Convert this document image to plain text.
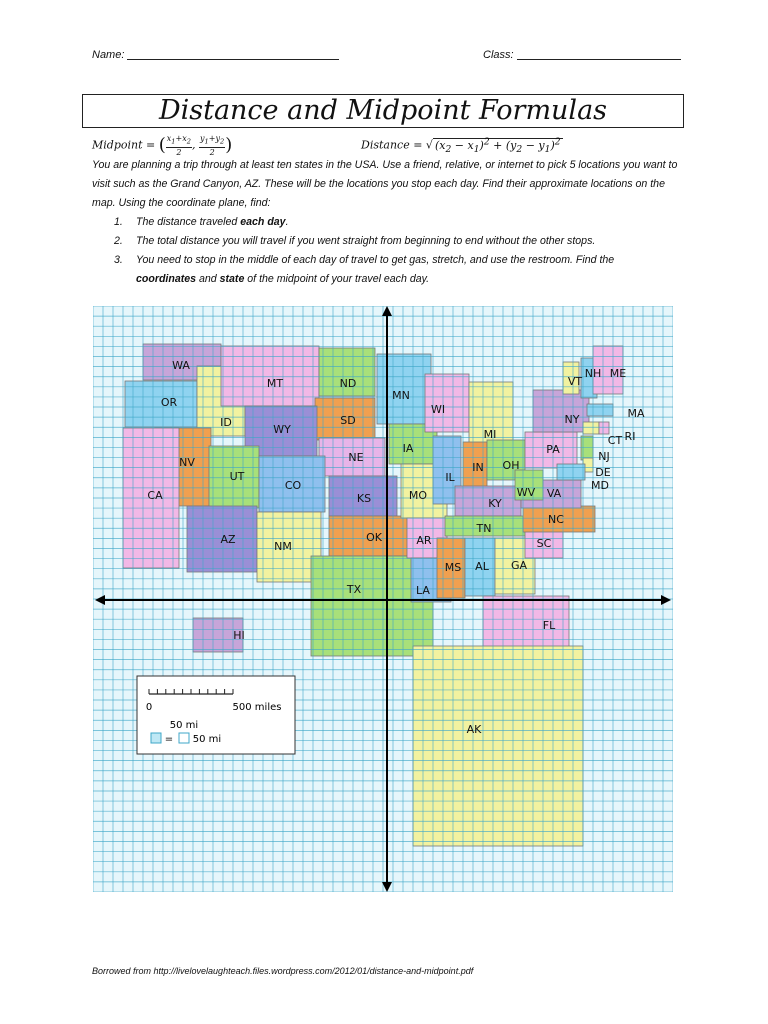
Name:	Class:
Distance and Midpoint Formulas
Midpoint = ( $\frac{x_1+x_2}{2}$ , $\frac{y_1+y_2}{2}$ )	Distance = √ $(x_2 - x_1)^2 + (y_2 - y_1)^2$
You are planning a trip through at least ten states in the USA. Use a friend, relative, or internet to pick 5 locations you want to visit such as the Grand Canyon, AZ. These will be the locations you stop each day. Find their approximate locations on the map. Using the coordinate plane, find:
1. The distance traveled each day.
2. The total distance you will travel if you went straight from beginning to end without the other stops.
3. You need to stop in the middle of each day of travel to get gas, stretch, and use the restroom. Find the
coordinates and state of the midpoint of your travel each day.
WA
OR
ID
MT	ND
SD
WY
NE
NV
UT
CO
KS
CA
AZ
NM
OK
TX
MN
IA
MO
AR
LA
WI
IL
MI
IN OH
KY
TN
MS AL GA
FL
SC
NC
VA
WV
PA
NY
VT
NH ME
MA
CT RI
NJ
DE
MD
HI
AK
0	500 miles
50 mi
= 50 mi
Borrowed from http://livelovelaughteach.files.wordpress.com/2012/01/distance-and-midpoint.pdf
